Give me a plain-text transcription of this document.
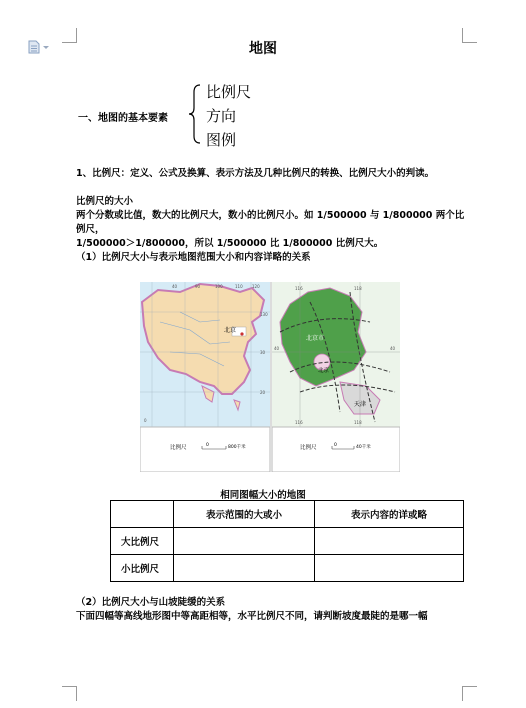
地图
一、地图的基本要素
比例尺
方向
图例
1、比例尺：定义、公式及换算、表示方法及几种比例尺的转换、比例尺大小的判读。
比例尺的大小
两个分数或比值，数大的比例尺大，数小的比例尺小。如 1/500000 与 1/800000 两个比例尺，
1/500000＞1/800000，所以 1/500000 比 1/800000 比例尺大。
（1）比例尺大小与表示地图范围大小和内容详略的关系
北京
比例尺	0	800千米
40	90	100	110 120
130
30
20
0
北京市
北京
天津
116	118
40	40
116	118
比例尺	0	40千米
相同图幅大小的地图
	表示范围的大或小	表示内容的详或略
大比例尺		
小比例尺		
（2）比例尺大小与山坡陡缓的关系
下面四幅等高线地形图中等高距相等，水平比例尺不同，请判断坡度最陡的是哪一幅
